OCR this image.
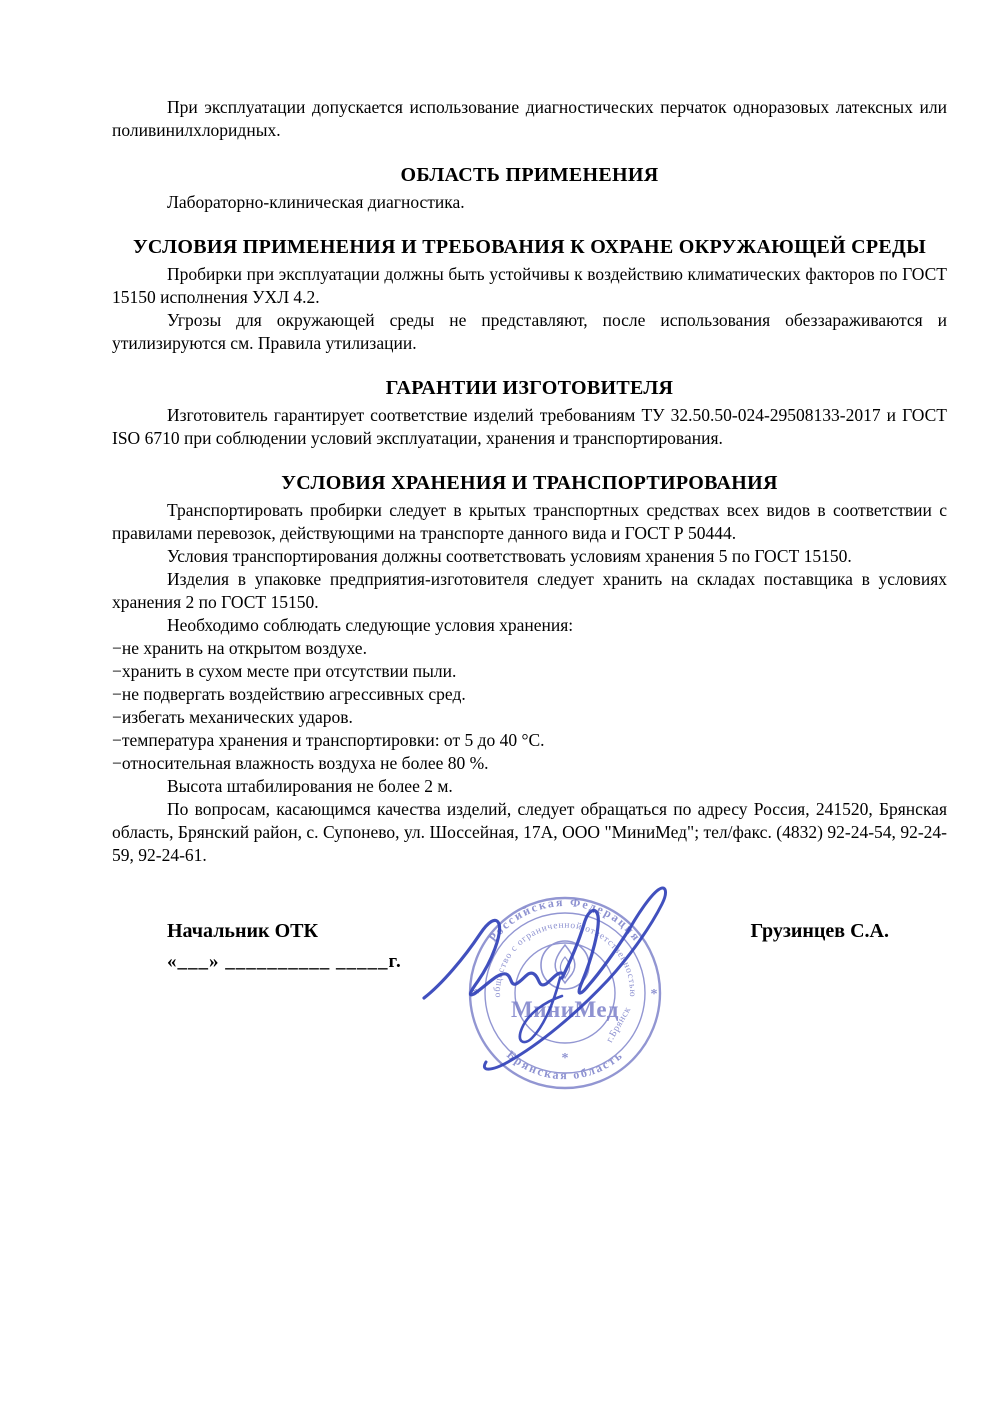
При эксплуатации допускается использование диагностических перчаток одноразовых латексных или поливинилхлоридных.

ОБЛАСТЬ ПРИМЕНЕНИЯ

Лабораторно-клиническая диагностика.

УСЛОВИЯ ПРИМЕНЕНИЯ И ТРЕБОВАНИЯ К ОХРАНЕ ОКРУЖАЮЩЕЙ СРЕДЫ

Пробирки при эксплуатации должны быть устойчивы к воздействию климатических факторов по ГОСТ 15150 исполнения УХЛ 4.2.

Угрозы для окружающей среды не представляют, после использования обеззараживаются и утилизируются см. Правила утилизации.

ГАРАНТИИ ИЗГОТОВИТЕЛЯ

Изготовитель гарантирует соответствие изделий требованиям ТУ 32.50.50-024-29508133-2017 и ГОСТ ISO 6710 при соблюдении условий эксплуатации, хранения и транспортирования.

УСЛОВИЯ ХРАНЕНИЯ И ТРАНСПОРТИРОВАНИЯ

Транспортировать пробирки следует в крытых транспортных средствах всех видов в соответствии с правилами перевозок, действующими на транспорте данного вида и ГОСТ Р 50444.

Условия транспортирования должны соответствовать условиям хранения 5 по ГОСТ 15150.

Изделия в упаковке предприятия-изготовителя следует хранить на складах поставщика в условиях хранения 2 по ГОСТ 15150.

Необходимо соблюдать следующие условия хранения:

−не хранить на открытом воздухе.

−хранить в сухом месте при отсутствии пыли.

−не подвергать воздействию агрессивных сред.

−избегать механических ударов.

−температура хранения и транспортировки: от 5 до 40 °С.

−относительная влажность воздуха не более 80 %.

Высота штабилирования не более 2 м.

По вопросам, касающимся качества изделий, следует обращаться по адресу Россия, 241520, Брянская область, Брянский район, с. Супонево, ул. Шоссейная, 17А, ООО "МиниМед"; тел/факс. (4832) 92-24-54, 92-24-59, 92-24-61.

Начальник ОТК	Грузинцев С.А.
«___» __________ _____г.
Российская Федерация
Брянская область
общество с ограниченной ответственностью
г.Брянск
*	*
*
МиниМед
